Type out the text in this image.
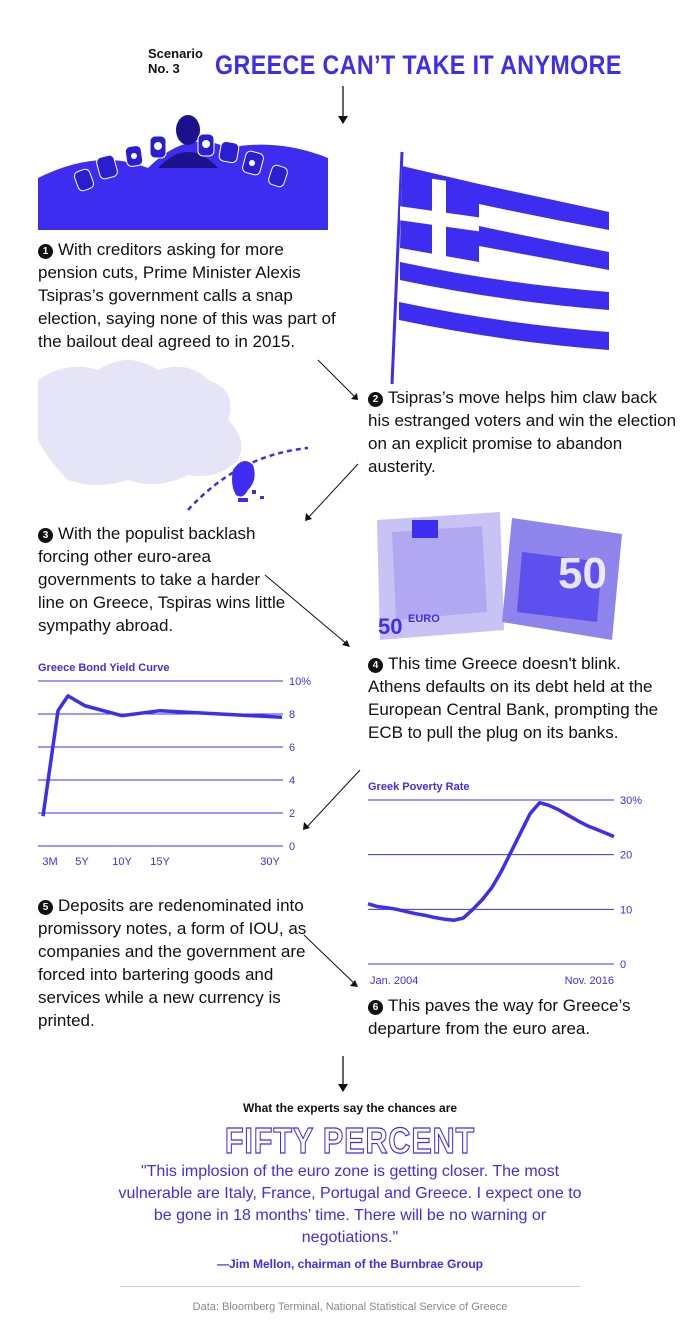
Scenario No. 3	GREECE CAN’T TAKE IT ANYMORE
1 With creditors asking for more pension cuts, Prime Minister Alexis Tsipras’s government calls a snap election, saying none of this was part of the bailout deal agreed to in 2015.
2 Tsipras’s move helps him claw back his estranged voters and win the election on an explicit promise to abandon austerity.
50 EURO
50
3 With the populist backlash forcing other euro-area governments to take a harder line on Greece, Tspiras wins little sympathy abroad.
Greece Bond Yield Curve
10%
8
6
4
2
0
3M 5Y 10Y 15Y	30Y
4 This time Greece doesn't blink. Athens defaults on its debt held at the European Central Bank, prompting the ECB to pull the plug on its banks.
Greek Poverty Rate
30%
20
10
0
Jan. 2004	Nov. 2016
5 Deposits are redenominated into promissory notes, a form of IOU, as companies and the government are forced into bartering goods and services while a new currency is printed.
6 This paves the way for Greece’s departure from the euro area.
What the experts say the chances are
FIFTY PERCENT
"This implosion of the euro zone is getting closer. The most vulnerable are Italy, France, Portugal and Greece. I expect one to be gone in 18 months’ time. There will be no warning or negotiations."
—Jim Mellon, chairman of the Burnbrae Group
Data: Bloomberg Terminal, National Statistical Service of Greece
